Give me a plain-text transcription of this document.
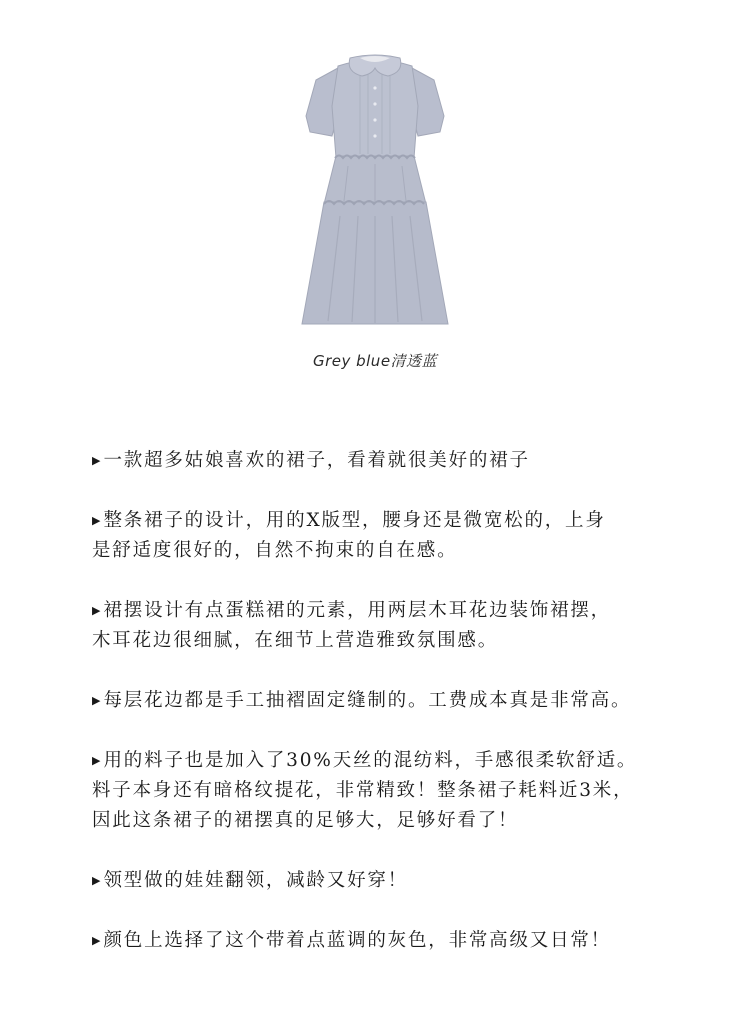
Grey blue清透蓝
▶ 一款超多姑娘喜欢的裙子，看着就很美好的裙子
▶ 整条裙子的设计，用的X版型，腰身还是微宽松的，上身
是舒适度很好的，自然不拘束的自在感。
▶ 裙摆设计有点蛋糕裙的元素，用两层木耳花边装饰裙摆，
木耳花边很细腻，在细节上营造雅致氛围感。
▶ 每层花边都是手工抽褶固定缝制的。工费成本真是非常高。
▶ 用的料子也是加入了30%天丝的混纺料，手感很柔软舒适。
料子本身还有暗格纹提花，非常精致！整条裙子耗料近3米，
因此这条裙子的裙摆真的足够大，足够好看了！
▶ 领型做的娃娃翻领，减龄又好穿！
▶ 颜色上选择了这个带着点蓝调的灰色，非常高级又日常！
